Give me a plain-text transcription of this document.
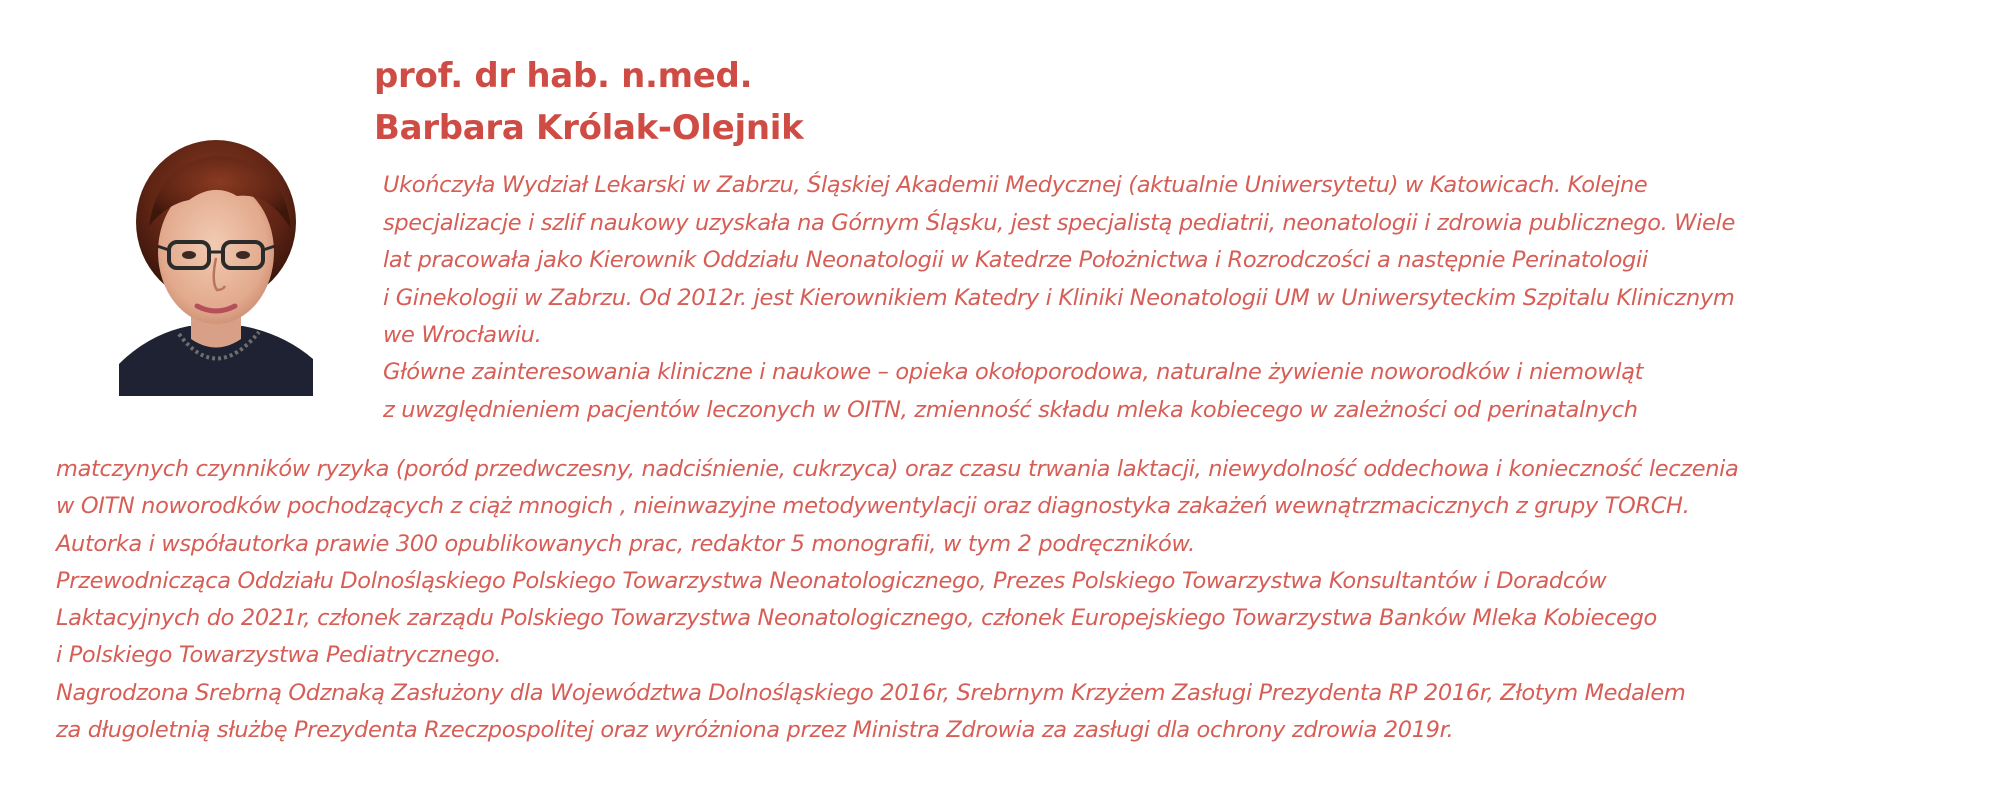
prof. dr hab. n.med.
Barbara Królak-Olejnik

Ukończyła Wydział Lekarski w Zabrzu, Śląskiej Akademii Medycznej (aktualnie Uniwersytetu) w Katowicach. Kolejne

specjalizacje i szlif naukowy uzyskała na Górnym Śląsku, jest specjalistą pediatrii, neonatologii i zdrowia publicznego. Wiele

lat pracowała jako Kierownik Oddziału Neonatologii w Katedrze Położnictwa i Rozrodczości a następnie Perinatologii

i Ginekologii w Zabrzu. Od 2012r. jest Kierownikiem Katedry i Kliniki Neonatologii UM w Uniwersyteckim Szpitalu Klinicznym

we Wrocławiu.

Główne zainteresowania kliniczne i naukowe – opieka okołoporodowa, naturalne żywienie noworodków i niemowląt

z uwzględnieniem pacjentów leczonych w OITN, zmienność składu mleka kobiecego w zależności od perinatalnych

matczynych czynników ryzyka (poród przedwczesny, nadciśnienie, cukrzyca) oraz czasu trwania laktacji, niewydolność oddechowa i konieczność leczenia

w OITN noworodków pochodzących z ciąż mnogich , nieinwazyjne metodywentylacji oraz diagnostyka zakażeń wewnątrzmacicznych z grupy TORCH.

Autorka i współautorka prawie 300 opublikowanych prac, redaktor 5 monografii, w tym 2 podręczników.

Przewodnicząca Oddziału Dolnośląskiego Polskiego Towarzystwa Neonatologicznego, Prezes Polskiego Towarzystwa Konsultantów i Doradców

Laktacyjnych do 2021r, członek zarządu Polskiego Towarzystwa Neonatologicznego, członek Europejskiego Towarzystwa Banków Mleka Kobiecego

i Polskiego Towarzystwa Pediatrycznego.

Nagrodzona Srebrną Odznaką Zasłużony dla Województwa Dolnośląskiego 2016r, Srebrnym Krzyżem Zasługi Prezydenta RP 2016r, Złotym Medalem

za długoletnią służbę Prezydenta Rzeczpospolitej oraz wyróżniona przez Ministra Zdrowia za zasługi dla ochrony zdrowia 2019r.
